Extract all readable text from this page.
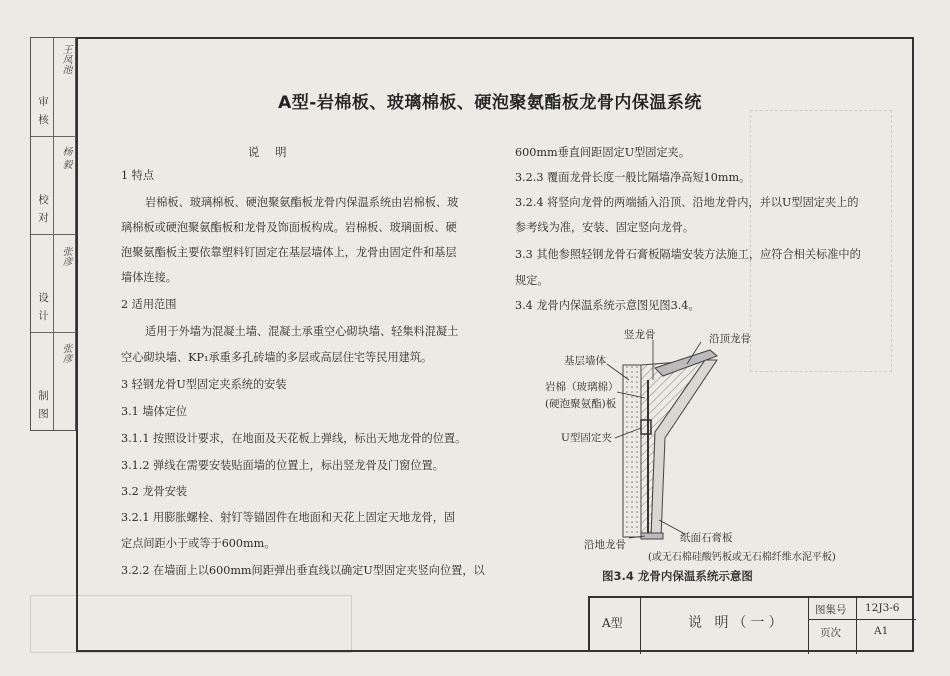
审 核
王凤池
校 对
杨 毅
设 计
张彦
制 图
张彦
A型-岩棉板、玻璃棉板、硬泡聚氨酯板龙骨内保温系统
说明
1 特点
岩棉板、玻璃棉板、硬泡聚氨酯板龙骨内保温系统由岩棉板、玻
璃棉板或硬泡聚氨酯板和龙骨及饰面板构成。岩棉板、玻璃面板、硬
泡聚氨酯板主要依靠塑料钉固定在基层墙体上，龙骨由固定件和基层
墙体连接。
2 适用范围
适用于外墙为混凝土墙、混凝土承重空心砌块墙、轻集料混凝土
空心砌块墙、KP₁承重多孔砖墙的多层或高层住宅等民用建筑。
3 轻钢龙骨U型固定夹系统的安装
3.1 墙体定位
3.1.1 按照设计要求，在地面及天花板上弹线，标出天地龙骨的位置。
3.1.2 弹线在需要安装贴面墙的位置上，标出竖龙骨及门窗位置。
3.2 龙骨安装
3.2.1 用膨胀螺栓、射钉等锚固件在地面和天花上固定天地龙骨，固
定点间距小于或等于600mm。
3.2.2 在墙面上以600mm间距弹出垂直线以确定U型固定夹竖向位置，以
600mm垂直间距固定U型固定夹。
3.2.3 覆面龙骨长度一般比隔墙净高短10mm。
3.2.4 将竖向龙骨的两端插入沿顶、沿地龙骨内，并以U型固定夹上的
参考线为准，安装、固定竖向龙骨。
3.3 其他参照轻钢龙骨石膏板隔墙安装方法施工，应符合相关标准中的
规定。
3.4 龙骨内保温系统示意图见图3.4。
竖龙骨	沿顶龙骨
基层墙体
岩棉（玻璃棉）
(硬泡聚氨酯)板
U型固定夹
纸面石膏板
沿地龙骨
(或无石棉硅酸钙板或无石棉纤维水泥平板)
图3.4 龙骨内保温系统示意图
A型	说 明（一）
图集号 12J3-6
页次	A1
